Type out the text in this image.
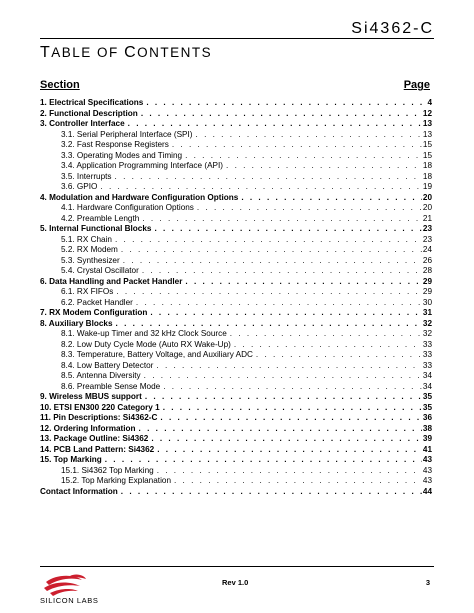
Si4362-C
TABLE OF CONTENTS
Section	Page
1. Electrical Specifications . . .	4
2. Functional Description . . .	12
3. Controller Interface . . .	13
3.1. Serial Peripheral Interface (SPI) . . .	13
3.2. Fast Response Registers . . .	15
3.3. Operating Modes and Timing . . .	15
3.4. Application Programming Interface (API) . . .	18
3.5. Interrupts . . .	18
3.6. GPIO . . .	19
4. Modulation and Hardware Configuration Options . . .	20
4.1. Hardware Configuration Options . . .	20
4.2. Preamble Length . . .	21
5. Internal Functional Blocks . . .	23
5.1. RX Chain . . .	23
5.2. RX Modem . . .	24
5.3. Synthesizer . . .	26
5.4. Crystal Oscillator . . .	28
6. Data Handling and Packet Handler . . .	29
6.1. RX FIFOs . . .	29
6.2. Packet Handler . . .	30
7. RX Modem Configuration . . .	31
8. Auxiliary Blocks . . .	32
8.1. Wake-up Timer and 32 kHz Clock Source . . .	32
8.2. Low Duty Cycle Mode (Auto RX Wake-Up) . . .	33
8.3. Temperature, Battery Voltage, and Auxiliary ADC . . .	33
8.4. Low Battery Detector . . .	33
8.5. Antenna Diversity . . .	34
8.6. Preamble Sense Mode . . .	34
9. Wireless MBUS support . . .	35
10. ETSI EN300 220 Category 1 . . .	35
11. Pin Descriptions: Si4362-C . . .	36
12. Ordering Information . . .	38
13. Package Outline: Si4362 . . .	39
14. PCB Land Pattern: Si4362 . . .	41
15. Top Marking . . .	43
15.1. Si4362 Top Marking . . .	43
15.2. Top Marking Explanation . . .	43
Contact Information . . .	44
SILICON LABS
Rev 1.0	3
